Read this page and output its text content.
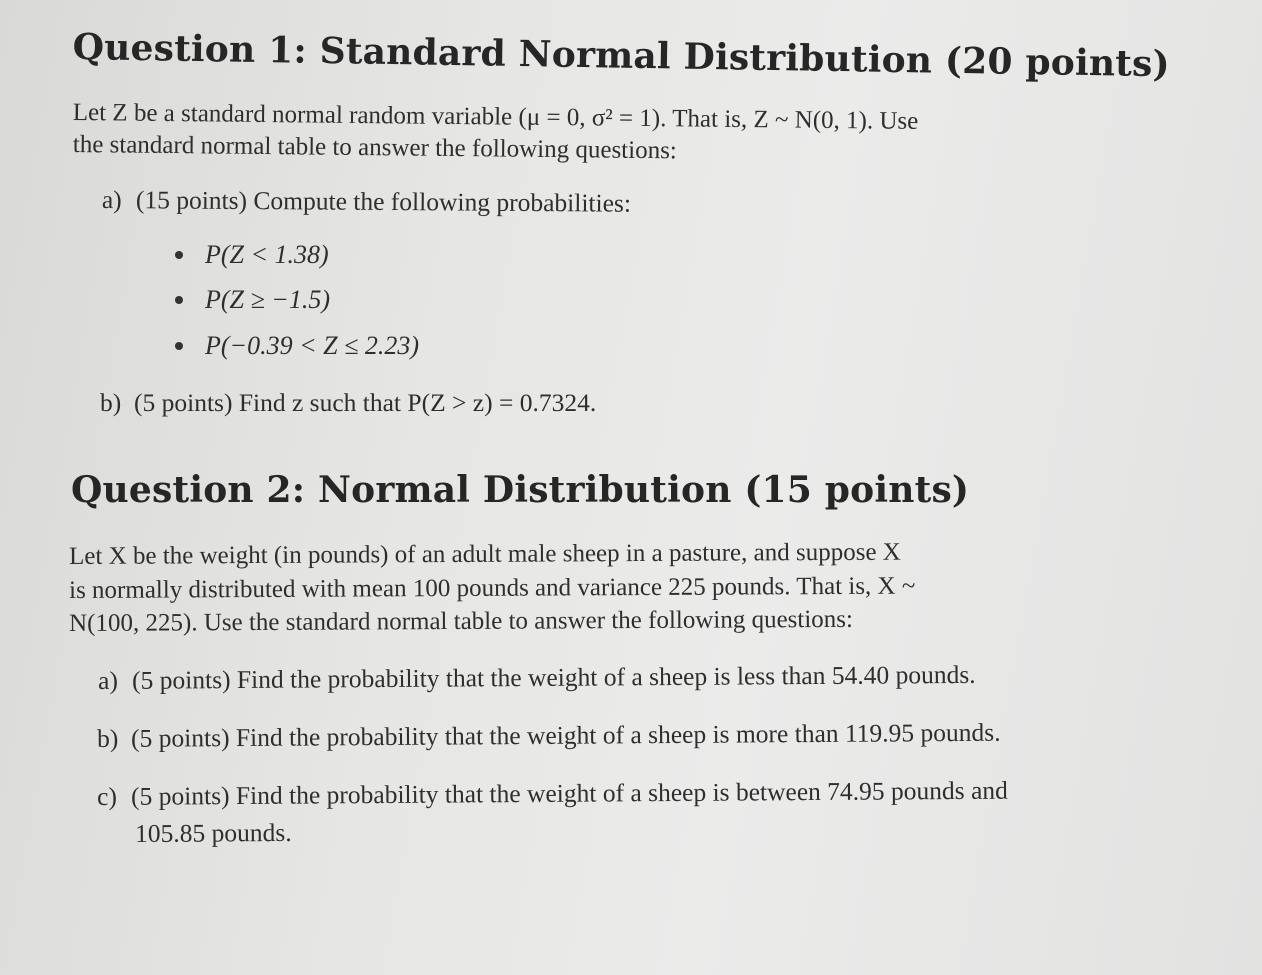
Question 1: Standard Normal Distribution (20 points)
Let Z be a standard normal random variable (μ = 0, σ² = 1). That is, Z ~ N(0, 1). Use
the standard normal table to answer the following questions:
a) (15 points) Compute the following probabilities:
P(Z < 1.38)
P(Z ≥ −1.5)
P(−0.39 < Z ≤ 2.23)
b) (5 points) Find z such that P(Z > z) = 0.7324.
Question 2: Normal Distribution (15 points)
Let X be the weight (in pounds) of an adult male sheep in a pasture, and suppose X
is normally distributed with mean 100 pounds and variance 225 pounds. That is, X ~
N(100, 225). Use the standard normal table to answer the following questions:
a) (5 points) Find the probability that the weight of a sheep is less than 54.40 pounds.
b) (5 points) Find the probability that the weight of a sheep is more than 119.95 pounds.
c) (5 points) Find the probability that the weight of a sheep is between 74.95 pounds and
105.85 pounds.
